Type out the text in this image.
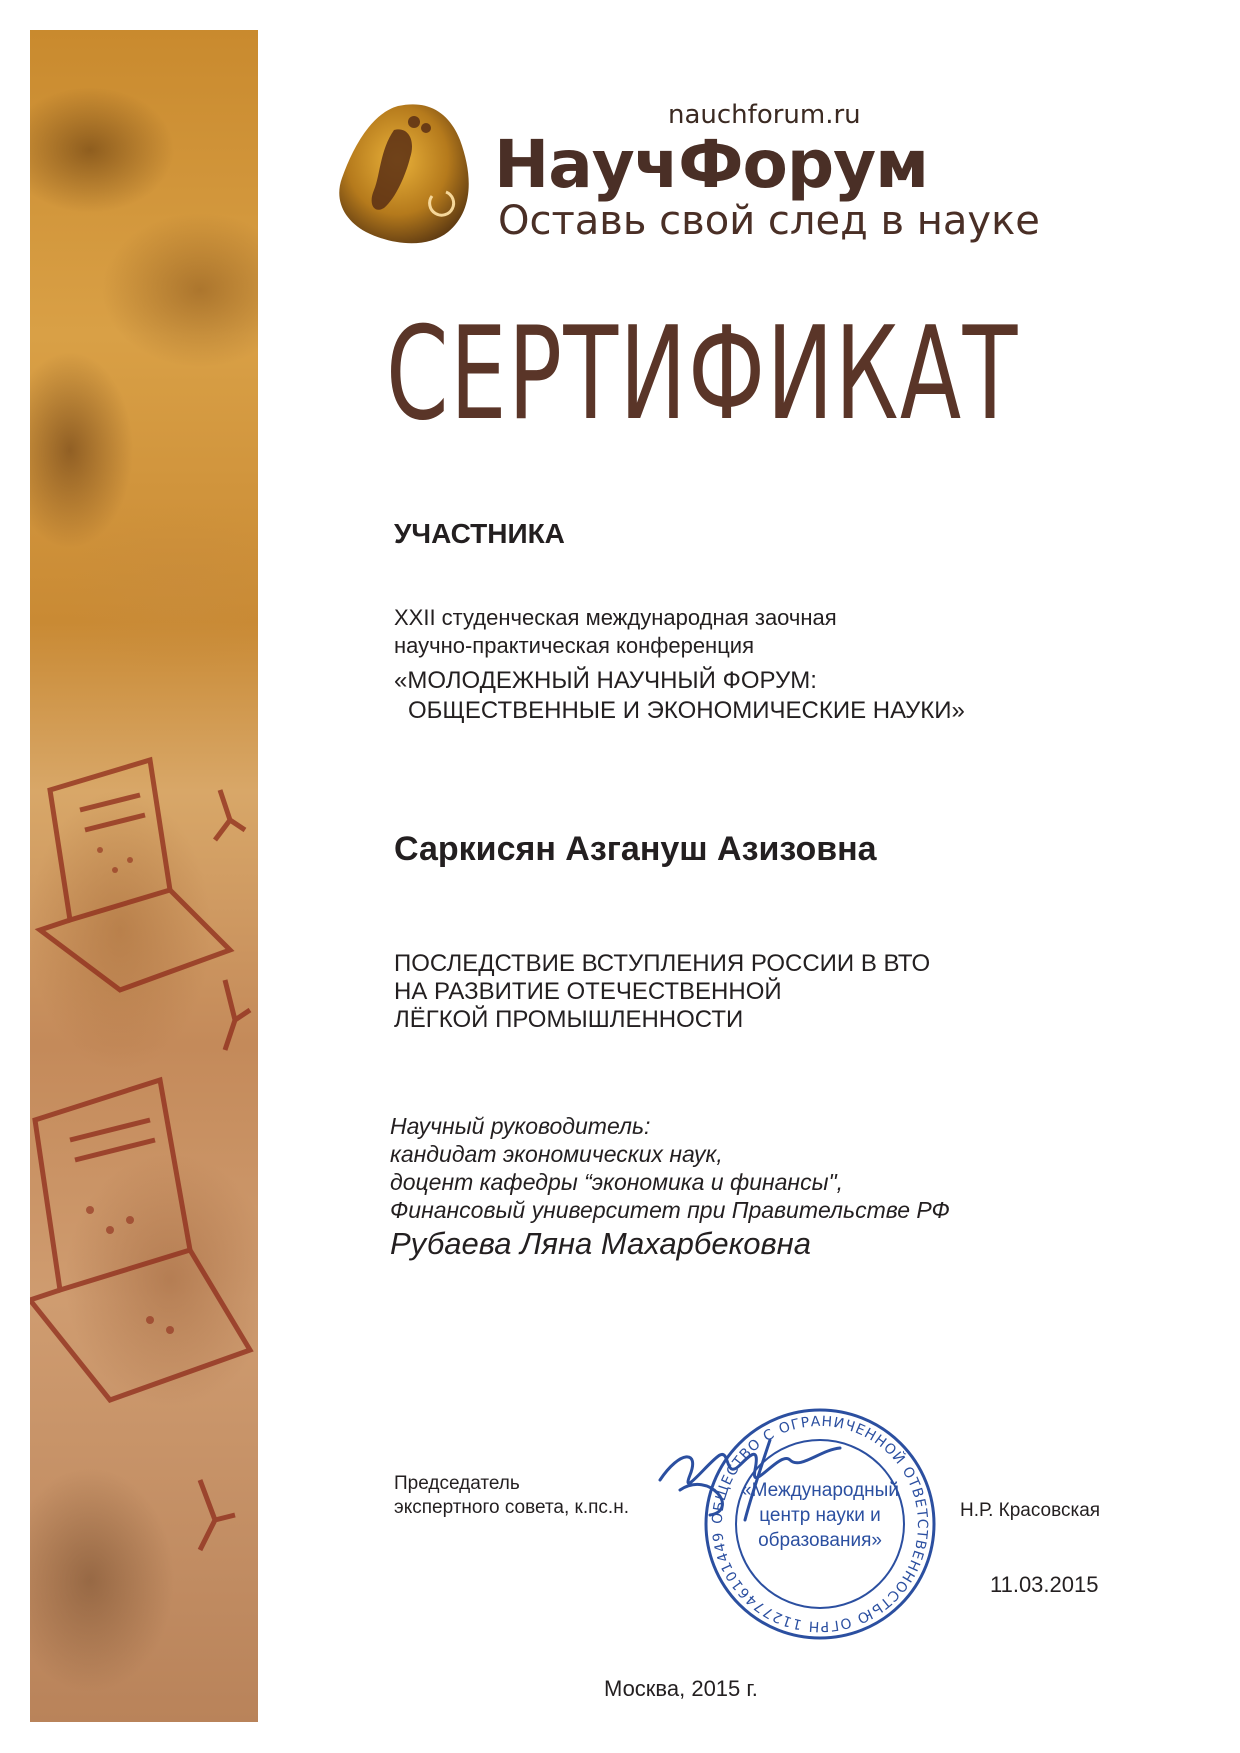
nauchforum.ru
НаучФорум
Оставь свой след в науке
СЕРТИФИКАТ
УЧАСТНИКА
XXII студенческая международная заочная
научно-практическая конференция
«МОЛОДЕЖНЫЙ НАУЧНЫЙ ФОРУМ:
ОБЩЕСТВЕННЫЕ И ЭКОНОМИЧЕСКИЕ НАУКИ»
Саркисян Азгануш Азизовна
ПОСЛЕДСТВИЕ ВСТУПЛЕНИЯ РОССИИ В ВТО
НА РАЗВИТИЕ ОТЕЧЕСТВЕННОЙ
ЛЁГКОЙ ПРОМЫШЛЕННОСТИ
Научный руководитель:
кандидат экономических наук,
доцент кафедры “экономика и финансы",
Финансовый университет при Правительстве РФ
Рубаева Ляна Махарбековна
Председатель
экспертного совета, к.пс.н.	ОБЩЕСТВО С ОГРАНИЧЕННОЙ ОТВЕТСТВЕННОСТЬЮ ОГРН 1127746101449
«Международный
центр науки и
образования»
Н.Р. Красовская
11.03.2015
Москва, 2015 г.
